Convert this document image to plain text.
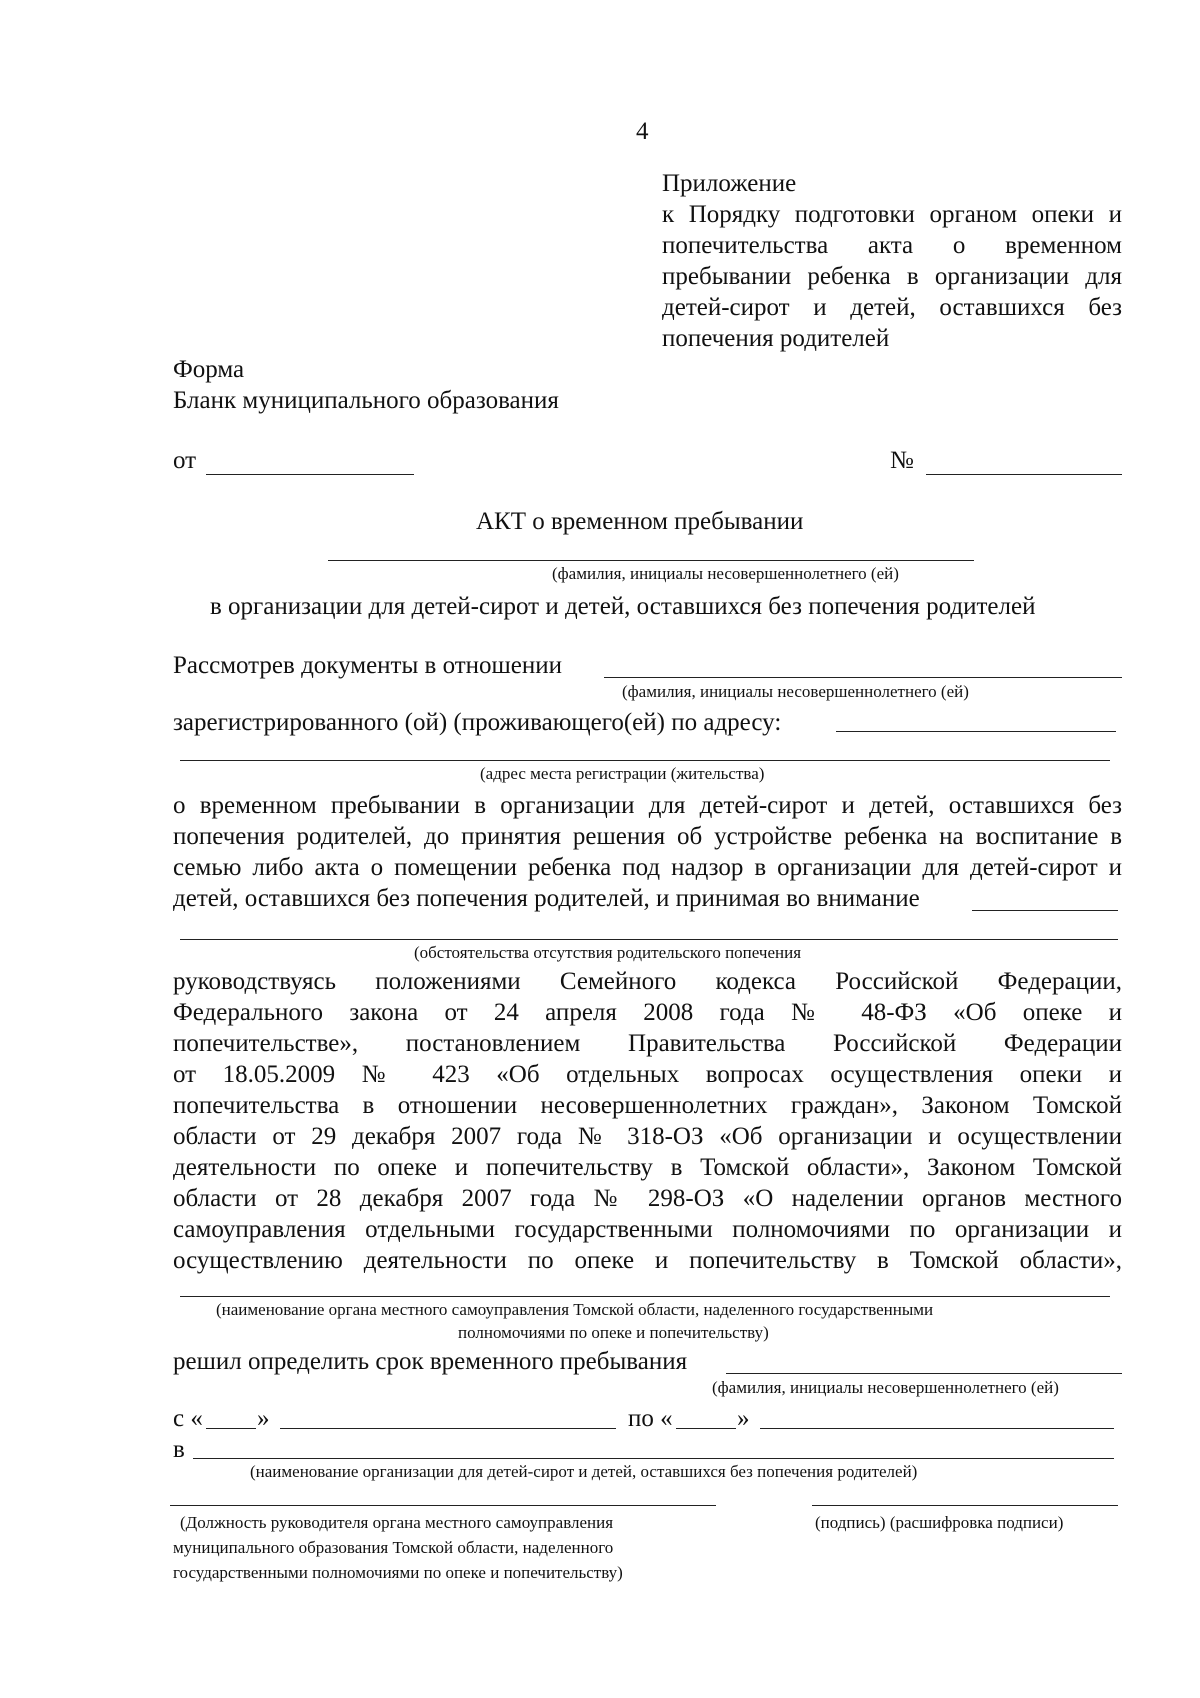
4
Приложение
к Порядку подготовки органом опеки и
попечительства акта о временном
пребывании ребенка в организации для
детей-сирот и детей, оставшихся без
попечения родителей
Форма
Бланк муниципального образования
от	№
АКТ о временном пребывании
(фамилия, инициалы несовершеннолетнего (ей)
в организации для детей-сирот и детей, оставшихся без попечения родителей
Рассмотрев документы в отношении
(фамилия, инициалы несовершеннолетнего (ей)
зарегистрированного (ой) (проживающего(ей) по адресу:
(адрес места регистрации (жительства)
о временном пребывании в организации для детей-сирот и детей, оставшихся без
попечения родителей, до принятия решения об устройстве ребенка на воспитание в
семью либо акта о помещении ребенка под надзор в организации для детей-сирот и
детей, оставшихся без попечения родителей, и принимая во внимание
(обстоятельства отсутствия родительского попечения
руководствуясь положениями Семейного кодекса Российской Федерации,
Федерального закона от 24 апреля 2008 года № 48-ФЗ «Об опеке и
попечительстве», постановлением Правительства Российской Федерации
от 18.05.2009 № 423 «Об отдельных вопросах осуществления опеки и
попечительства в отношении несовершеннолетних граждан», Законом Томской
области от 29 декабря 2007 года № 318-ОЗ «Об организации и осуществлении
деятельности по опеке и попечительству в Томской области», Законом Томской
области от 28 декабря 2007 года № 298-ОЗ «О наделении органов местного
самоуправления отдельными государственными полномочиями по организации и
осуществлению деятельности по опеке и попечительству в Томской области»,
(наименование органа местного самоуправления Томской области, наделенного государственными
полномочиями по опеке и попечительству)
решил определить срок временного пребывания
(фамилия, инициалы несовершеннолетнего (ей)
с « »	по «	»
в
(наименование организации для детей-сирот и детей, оставшихся без попечения родителей)
(Должность руководителя органа местного самоуправления
муниципального образования Томской области, наделенного
государственными полномочиями по опеке и попечительству)
(подпись) (расшифровка подписи)
